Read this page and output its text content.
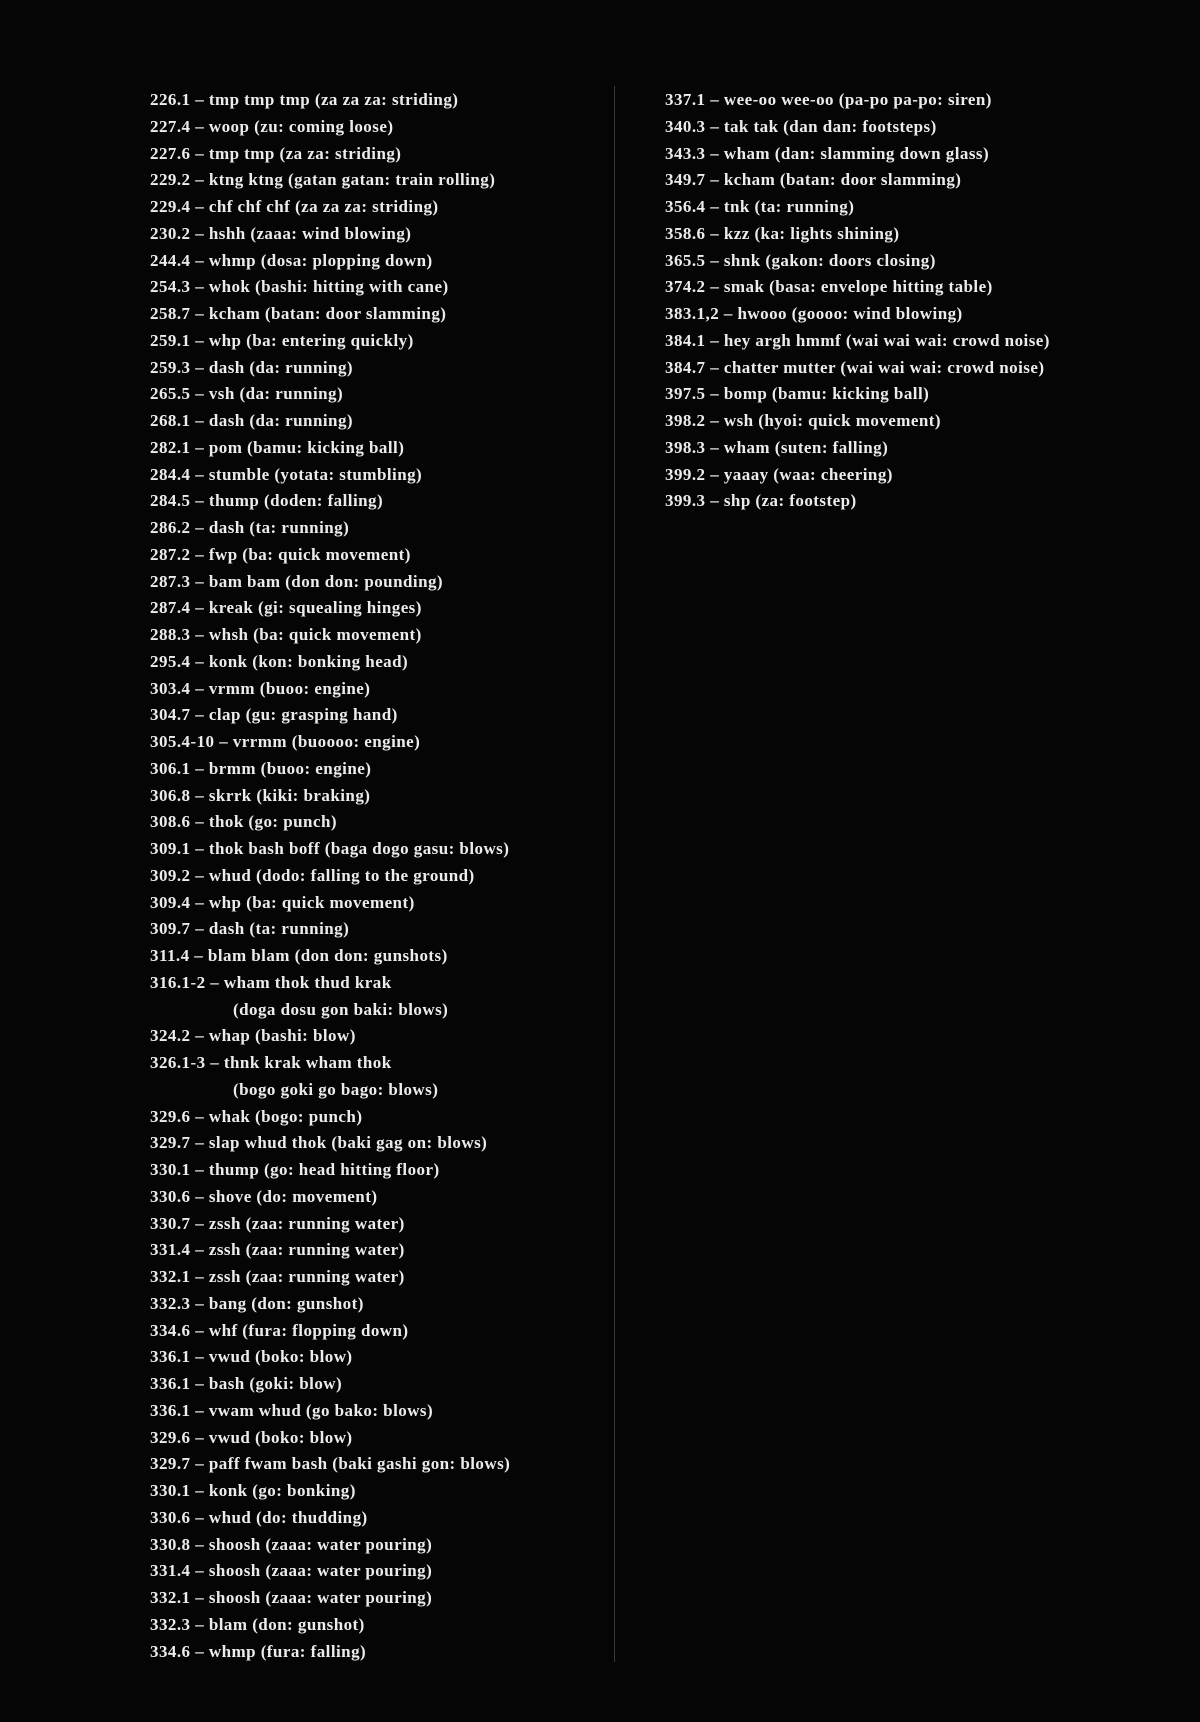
226.1 – tmp tmp tmp (za za za: striding)
227.4 – woop (zu: coming loose)
227.6 – tmp tmp (za za: striding)
229.2 – ktng ktng (gatan gatan: train rolling)
229.4 – chf chf chf (za za za: striding)
230.2 – hshh (zaaa: wind blowing)
244.4 – whmp (dosa: plopping down)
254.3 – whok (bashi: hitting with cane)
258.7 – kcham (batan: door slamming)
259.1 – whp (ba: entering quickly)
259.3 – dash (da: running)
265.5 – vsh (da: running)
268.1 – dash (da: running)
282.1 – pom (bamu: kicking ball)
284.4 – stumble (yotata: stumbling)
284.5 – thump (doden: falling)
286.2 – dash (ta: running)
287.2 – fwp (ba: quick movement)
287.3 – bam bam (don don: pounding)
287.4 – kreak (gi: squealing hinges)
288.3 – whsh (ba: quick movement)
295.4 – konk (kon: bonking head)
303.4 – vrmm (buoo: engine)
304.7 – clap (gu: grasping hand)
305.4-10 – vrrmm (buoooo: engine)
306.1 – brmm (buoo: engine)
306.8 – skrrk (kiki: braking)
308.6 – thok (go: punch)
309.1 – thok bash boff (baga dogo gasu: blows)
309.2 – whud (dodo: falling to the ground)
309.4 – whp (ba: quick movement)
309.7 – dash (ta: running)
311.4 – blam blam (don don: gunshots)
316.1-2 – wham thok thud krak
(doga dosu gon baki: blows)
324.2 – whap (bashi: blow)
326.1-3 – thnk krak wham thok
(bogo goki go bago: blows)
329.6 – whak (bogo: punch)
329.7 – slap whud thok (baki gag on: blows)
330.1 – thump (go: head hitting floor)
330.6 – shove (do: movement)
330.7 – zssh (zaa: running water)
331.4 – zssh (zaa: running water)
332.1 – zssh (zaa: running water)
332.3 – bang (don: gunshot)
334.6 – whf (fura: flopping down)
336.1 – vwud (boko: blow)
336.1 – bash (goki: blow)
336.1 – vwam whud (go bako: blows)
329.6 – vwud (boko: blow)
329.7 – paff fwam bash (baki gashi gon: blows)
330.1 – konk (go: bonking)
330.6 – whud (do: thudding)
330.8 – shoosh (zaaa: water pouring)
331.4 – shoosh (zaaa: water pouring)
332.1 – shoosh (zaaa: water pouring)
332.3 – blam (don: gunshot)
334.6 – whmp (fura: falling)
337.1 – wee-oo wee-oo (pa-po pa-po: siren)
340.3 – tak tak (dan dan: footsteps)
343.3 – wham (dan: slamming down glass)
349.7 – kcham (batan: door slamming)
356.4 – tnk (ta: running)
358.6 – kzz (ka: lights shining)
365.5 – shnk (gakon: doors closing)
374.2 – smak (basa: envelope hitting table)
383.1,2 – hwooo (goooo: wind blowing)
384.1 – hey argh hmmf (wai wai wai: crowd noise)
384.7 – chatter mutter (wai wai wai: crowd noise)
397.5 – bomp (bamu: kicking ball)
398.2 – wsh (hyoi: quick movement)
398.3 – wham (suten: falling)
399.2 – yaaay (waa: cheering)
399.3 – shp (za: footstep)
